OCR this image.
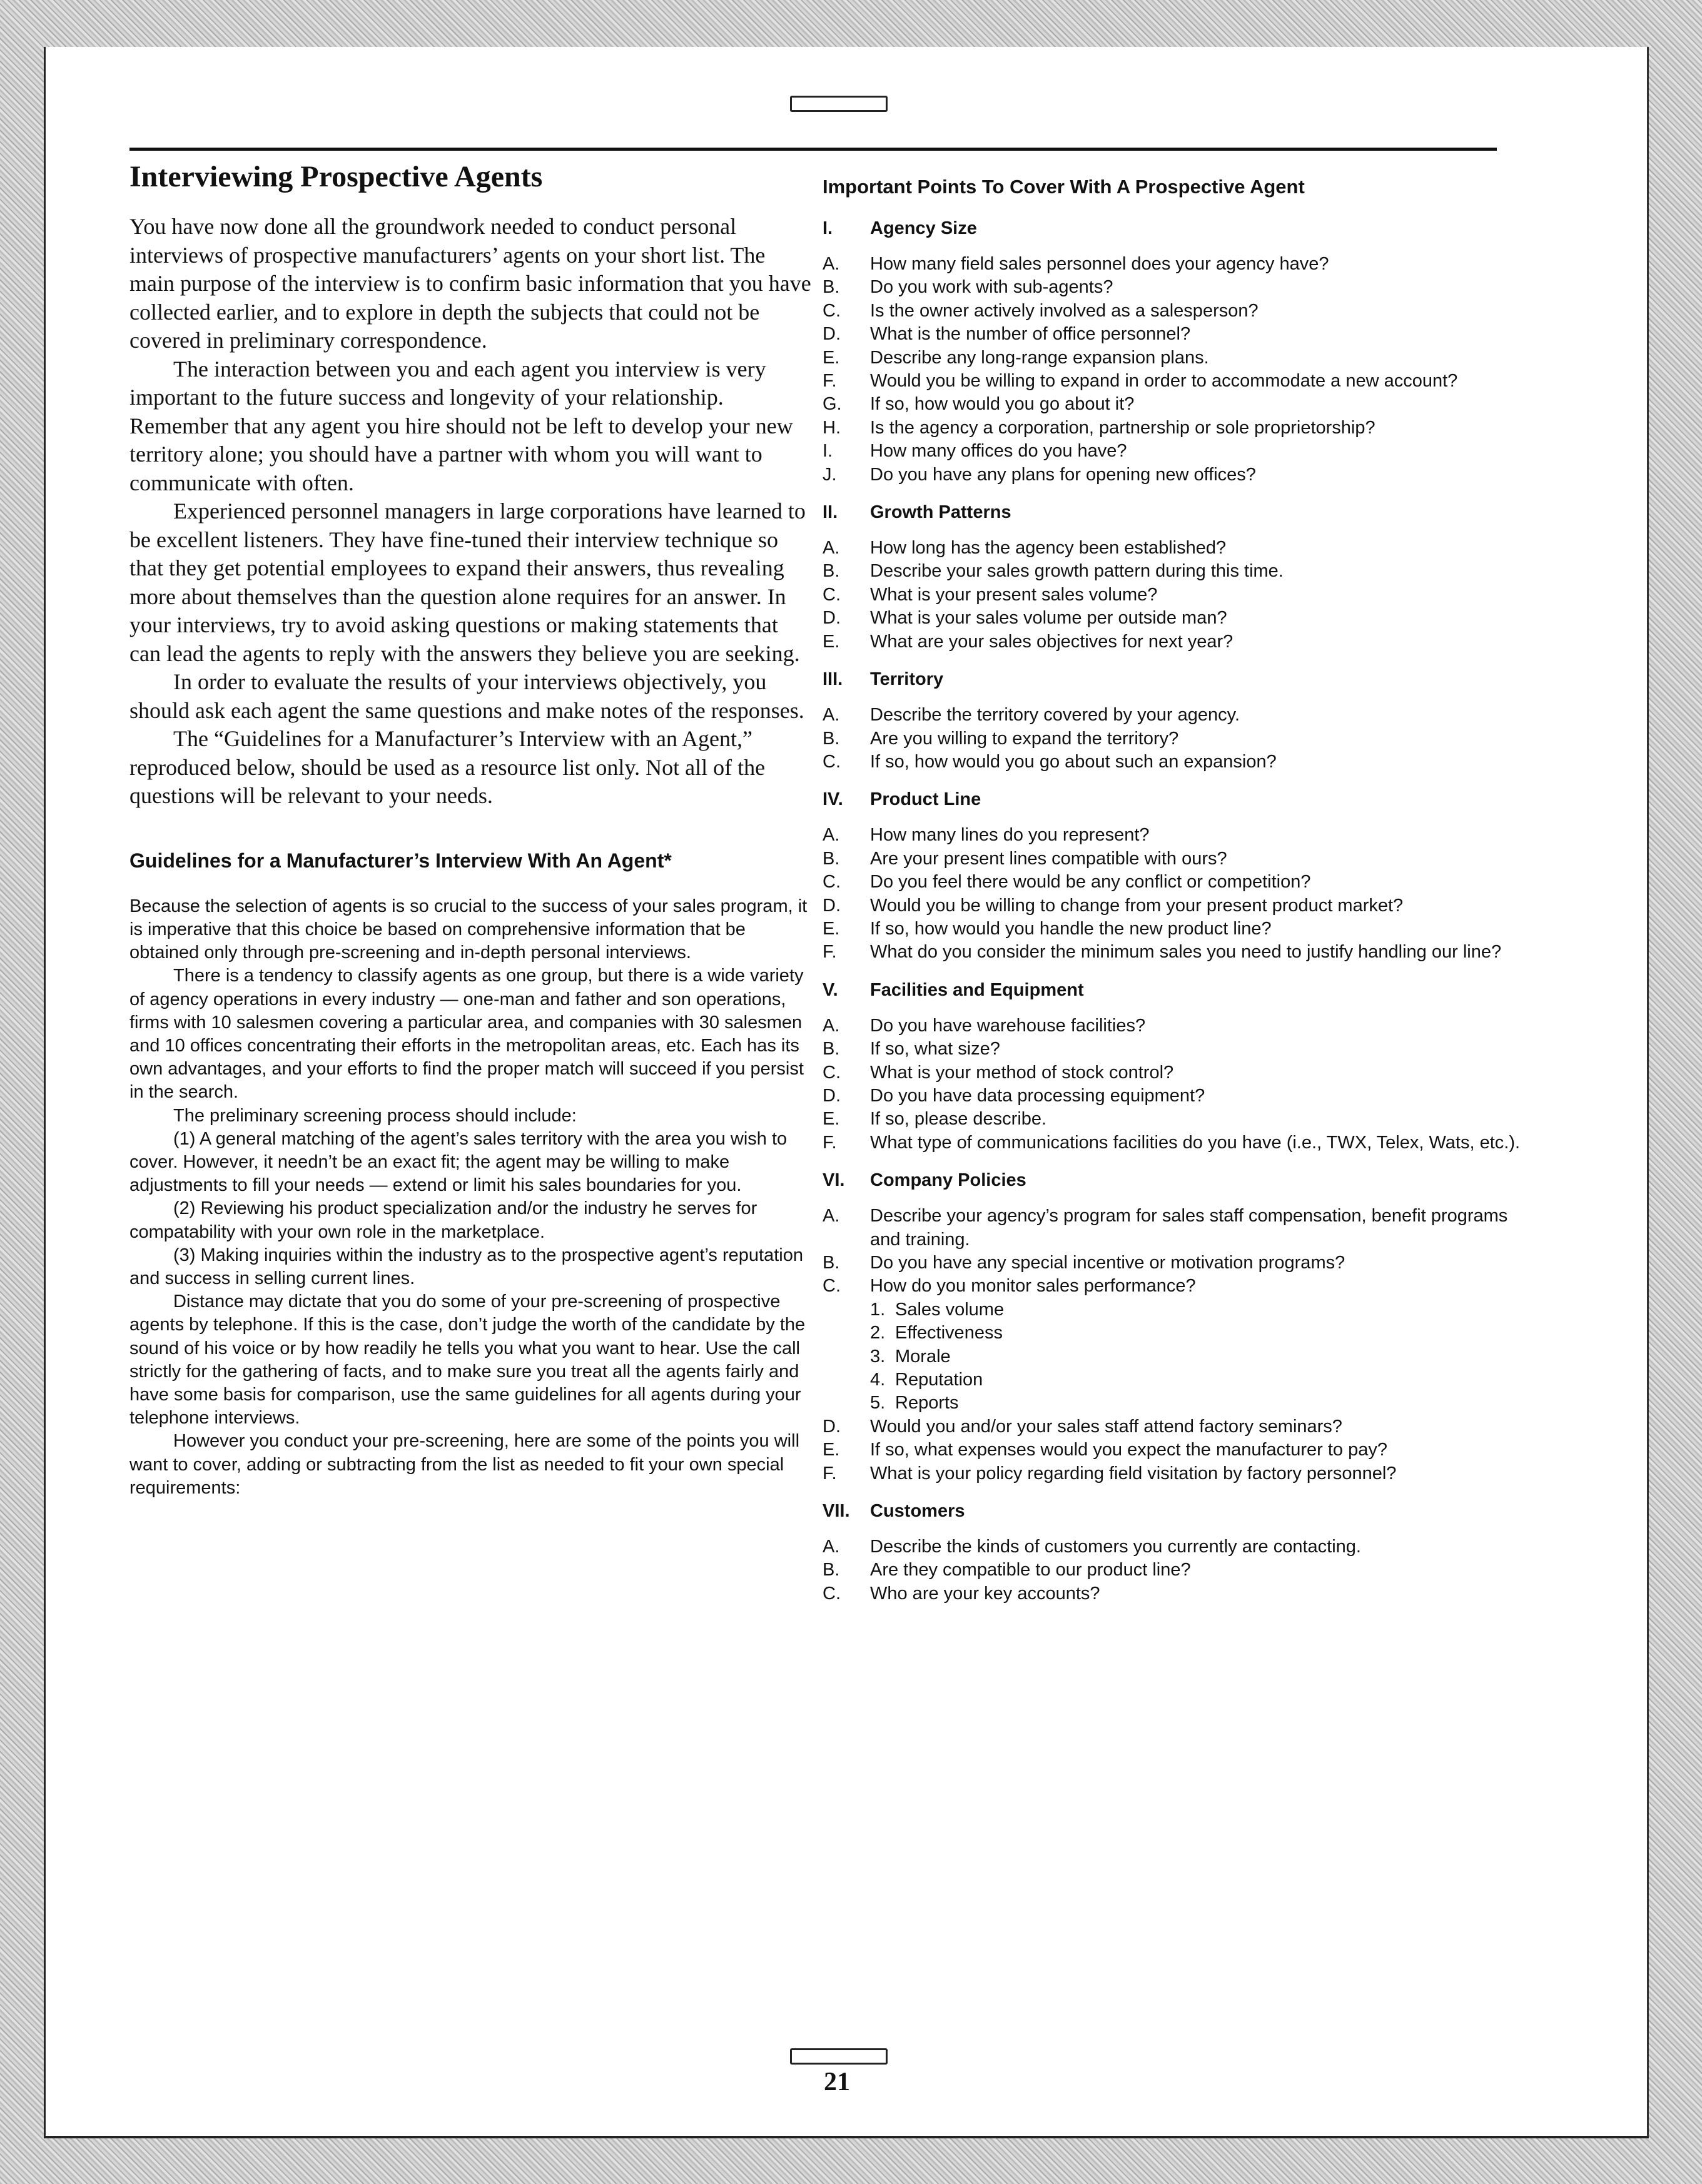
21
Interviewing Prospective Agents

You have now done all the groundwork needed to conduct personal interviews of prospective manufacturers’ agents on your short list. The main purpose of the interview is to confirm basic information that you have collected earlier, and to explore in depth the subjects that could not be covered in preliminary correspondence.

The interaction between you and each agent you interview is very important to the future success and longevity of your relationship. Remember that any agent you hire should not be left to develop your new territory alone; you should have a partner with whom you will want to communicate with often.

Experienced personnel managers in large corporations have learned to be excellent listeners. They have fine-tuned their interview technique so that they get potential employees to expand their answers, thus revealing more about themselves than the question alone requires for an answer. In your interviews, try to avoid asking questions or making statements that can lead the agents to reply with the answers they believe you are seeking.

In order to evaluate the results of your interviews objectively, you should ask each agent the same questions and make notes of the responses.

The “Guidelines for a Manufacturer’s Interview with an Agent,” reproduced below, should be used as a resource list only. Not all of the questions will be relevant to your needs.

Guidelines for a Manufacturer’s Interview With An Agent*

Because the selection of agents is so crucial to the success of your sales program, it is imperative that this choice be based on comprehensive information that be obtained only through pre-screening and in-depth personal interviews.

There is a tendency to classify agents as one group, but there is a wide variety of agency operations in every industry — one-man and father and son operations, firms with 10 salesmen covering a particular area, and companies with 30 salesmen and 10 offices concentrating their efforts in the metropolitan areas, etc. Each has its own advantages, and your efforts to find the proper match will succeed if you persist in the search.

The preliminary screening process should include:

(1) A general matching of the agent’s sales territory with the area you wish to cover. However, it needn’t be an exact fit; the agent may be willing to make adjustments to fill your needs — extend or limit his sales boundaries for you.

(2) Reviewing his product specialization and/or the industry he serves for compatability with your own role in the marketplace.

(3) Making inquiries within the industry as to the prospective agent’s reputation and success in selling current lines.

Distance may dictate that you do some of your pre-screening of prospective agents by telephone. If this is the case, don’t judge the worth of the candidate by the sound of his voice or by how readily he tells you what you want to hear. Use the call strictly for the gathering of facts, and to make sure you treat all the agents fairly and have some basis for comparison, use the same guidelines for all agents during your telephone interviews.

However you conduct your pre-screening, here are some of the points you will want to cover, adding or subtracting from the list as needed to fit your own special requirements:

Important Points To Cover With A Prospective Agent
I.	Agency Size
A.	How many field sales personnel does your agency have?
B.	Do you work with sub-agents?
C.	Is the owner actively involved as a salesperson?
D.	What is the number of office personnel?
E.	Describe any long-range expansion plans.
F.	Would you be willing to expand in order to accommodate a new account?
G.	If so, how would you go about it?
H.	Is the agency a corporation, partnership or sole proprietorship?
I.	How many offices do you have?
J.	Do you have any plans for opening new offices?
II.	Growth Patterns
A.	How long has the agency been established?
B.	Describe your sales growth pattern during this time.
C.	What is your present sales volume?
D.	What is your sales volume per outside man?
E.	What are your sales objectives for next year?
III.	Territory
A.	Describe the territory covered by your agency.
B.	Are you willing to expand the territory?
C.	If so, how would you go about such an expansion?
IV.	Product Line
A.	How many lines do you represent?
B.	Are your present lines compatible with ours?
C.	Do you feel there would be any conflict or competition?
D.	Would you be willing to change from your present product market?
E.	If so, how would you handle the new product line?
F.	What do you consider the minimum sales you need to justify handling our line?
V.	Facilities and Equipment
A.	Do you have warehouse facilities?
B.	If so, what size?
C.	What is your method of stock control?
D.	Do you have data processing equipment?
E.	If so, please describe.
F.	What type of communications facilities do you have (i.e., TWX, Telex, Wats, etc.).
VI.	Company Policies
A.	Describe your agency’s program for sales staff compensation, benefit programs and training.
B.	Do you have any special incentive or motivation programs?
C.	How do you monitor sales performance?
1. Sales volume
2. Effectiveness
3. Morale
4. Reputation
5. Reports
D.	Would you and/or your sales staff attend factory seminars?
E.	If so, what expenses would you expect the manufacturer to pay?
F.	What is your policy regarding field visitation by factory personnel?
VII.	Customers
A.	Describe the kinds of customers you currently are contacting.
B.	Are they compatible to our product line?
C.	Who are your key accounts?
